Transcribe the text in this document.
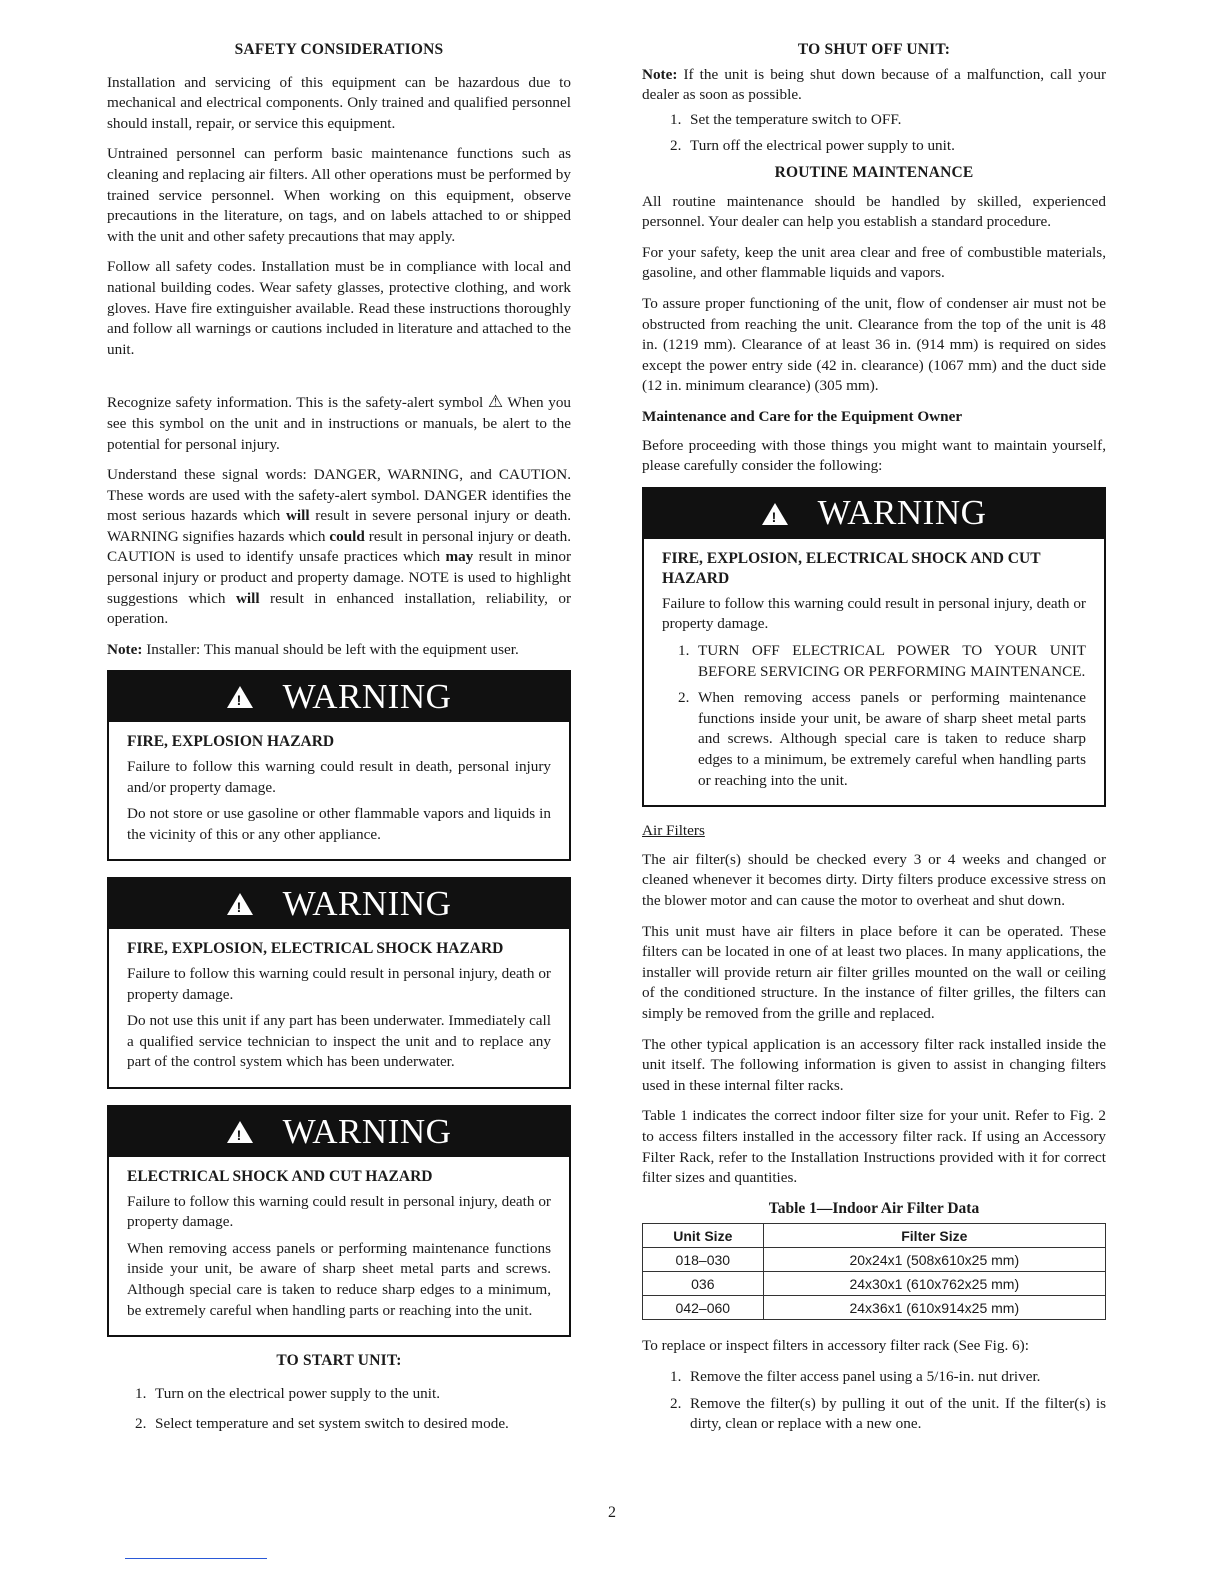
SAFETY CONSIDERATIONS

Installation and servicing of this equipment can be hazardous due to mechanical and electrical components. Only trained and qualified personnel should install, repair, or service this equipment.

Untrained personnel can perform basic maintenance functions such as cleaning and replacing air filters. All other operations must be performed by trained service personnel. When working on this equipment, observe precautions in the literature, on tags, and on labels attached to or shipped with the unit and other safety precautions that may apply.

Follow all safety codes. Installation must be in compliance with local and national building codes. Wear safety glasses, protective clothing, and work gloves. Have fire extinguisher available. Read these instructions thoroughly and follow all warnings or cautions included in literature and attached to the unit.

Recognize safety information. This is the safety-alert symbol ⚠ When you see this symbol on the unit and in instructions or manuals, be alert to the potential for personal injury.

Understand these signal words: DANGER, WARNING, and CAUTION. These words are used with the safety-alert symbol. DANGER identifies the most serious hazards which will result in severe personal injury or death. WARNING signifies hazards which could result in personal injury or death. CAUTION is used to identify unsafe practices which may result in minor personal injury or product and property damage. NOTE is used to highlight suggestions which will result in enhanced installation, reliability, or operation.

Note: Installer: This manual should be left with the equipment user.

!
WARNING
FIRE, EXPLOSION HAZARD

Failure to follow this warning could result in death, personal injury and/or property damage.

Do not store or use gasoline or other flammable vapors and liquids in the vicinity of this or any other appliance.

!
WARNING
FIRE, EXPLOSION, ELECTRICAL SHOCK HAZARD

Failure to follow this warning could result in personal injury, death or property damage.

Do not use this unit if any part has been underwater. Immediately call a qualified service technician to inspect the unit and to replace any part of the control system which has been underwater.

!
WARNING
ELECTRICAL SHOCK AND CUT HAZARD

Failure to follow this warning could result in personal injury, death or property damage.

When removing access panels or performing maintenance functions inside your unit, be aware of sharp sheet metal parts and screws. Although special care is taken to reduce sharp edges to a minimum, be extremely careful when handling parts or reaching into the unit.

TO START UNIT:
1. Turn on the electrical power supply to the unit.
2. Select temperature and set system switch to desired mode.
TO SHUT OFF UNIT:

Note: If the unit is being shut down because of a malfunction, call your dealer as soon as possible.

1. Set the temperature switch to OFF.
2. Turn off the electrical power supply to unit.
ROUTINE MAINTENANCE

All routine maintenance should be handled by skilled, experienced personnel. Your dealer can help you establish a standard procedure.

For your safety, keep the unit area clear and free of combustible materials, gasoline, and other flammable liquids and vapors.

To assure proper functioning of the unit, flow of condenser air must not be obstructed from reaching the unit. Clearance from the top of the unit is 48 in. (1219 mm). Clearance of at least 36 in. (914 mm) is required on sides except the power entry side (42 in. clearance) (1067 mm) and the duct side (12 in. minimum clearance) (305 mm).

Maintenance and Care for the Equipment Owner

Before proceeding with those things you might want to maintain yourself, please carefully consider the following:

!
WARNING
FIRE, EXPLOSION, ELECTRICAL SHOCK AND CUT HAZARD

Failure to follow this warning could result in personal injury, death or property damage.

1. TURN OFF ELECTRICAL POWER TO YOUR UNIT BEFORE SERVICING OR PERFORMING MAINTENANCE.
2. When removing access panels or performing maintenance functions inside your unit, be aware of sharp sheet metal parts and screws. Although special care is taken to reduce sharp edges to a minimum, be extremely careful when handling parts or reaching into the unit.
Air Filters

The air filter(s) should be checked every 3 or 4 weeks and changed or cleaned whenever it becomes dirty. Dirty filters produce excessive stress on the blower motor and can cause the motor to overheat and shut down.

This unit must have air filters in place before it can be operated. These filters can be located in one of at least two places. In many applications, the installer will provide return air filter grilles mounted on the wall or ceiling of the conditioned structure. In the instance of filter grilles, the filters can simply be removed from the grille and replaced.

The other typical application is an accessory filter rack installed inside the unit itself. The following information is given to assist in changing filters used in these internal filter racks.

Table 1 indicates the correct indoor filter size for your unit. Refer to Fig. 2 to access filters installed in the accessory filter rack. If using an Accessory Filter Rack, refer to the Installation Instructions provided with it for correct filter sizes and quantities.

Table 1—Indoor Air Filter Data
Unit Size	Filter Size
018–030	20x24x1 (508x610x25 mm)
036	24x30x1 (610x762x25 mm)
042–060	24x36x1 (610x914x25 mm)

To replace or inspect filters in accessory filter rack (See Fig. 6):

1. Remove the filter access panel using a 5/16-in. nut driver.
2. Remove the filter(s) by pulling it out of the unit. If the filter(s) is dirty, clean or replace with a new one.
2
